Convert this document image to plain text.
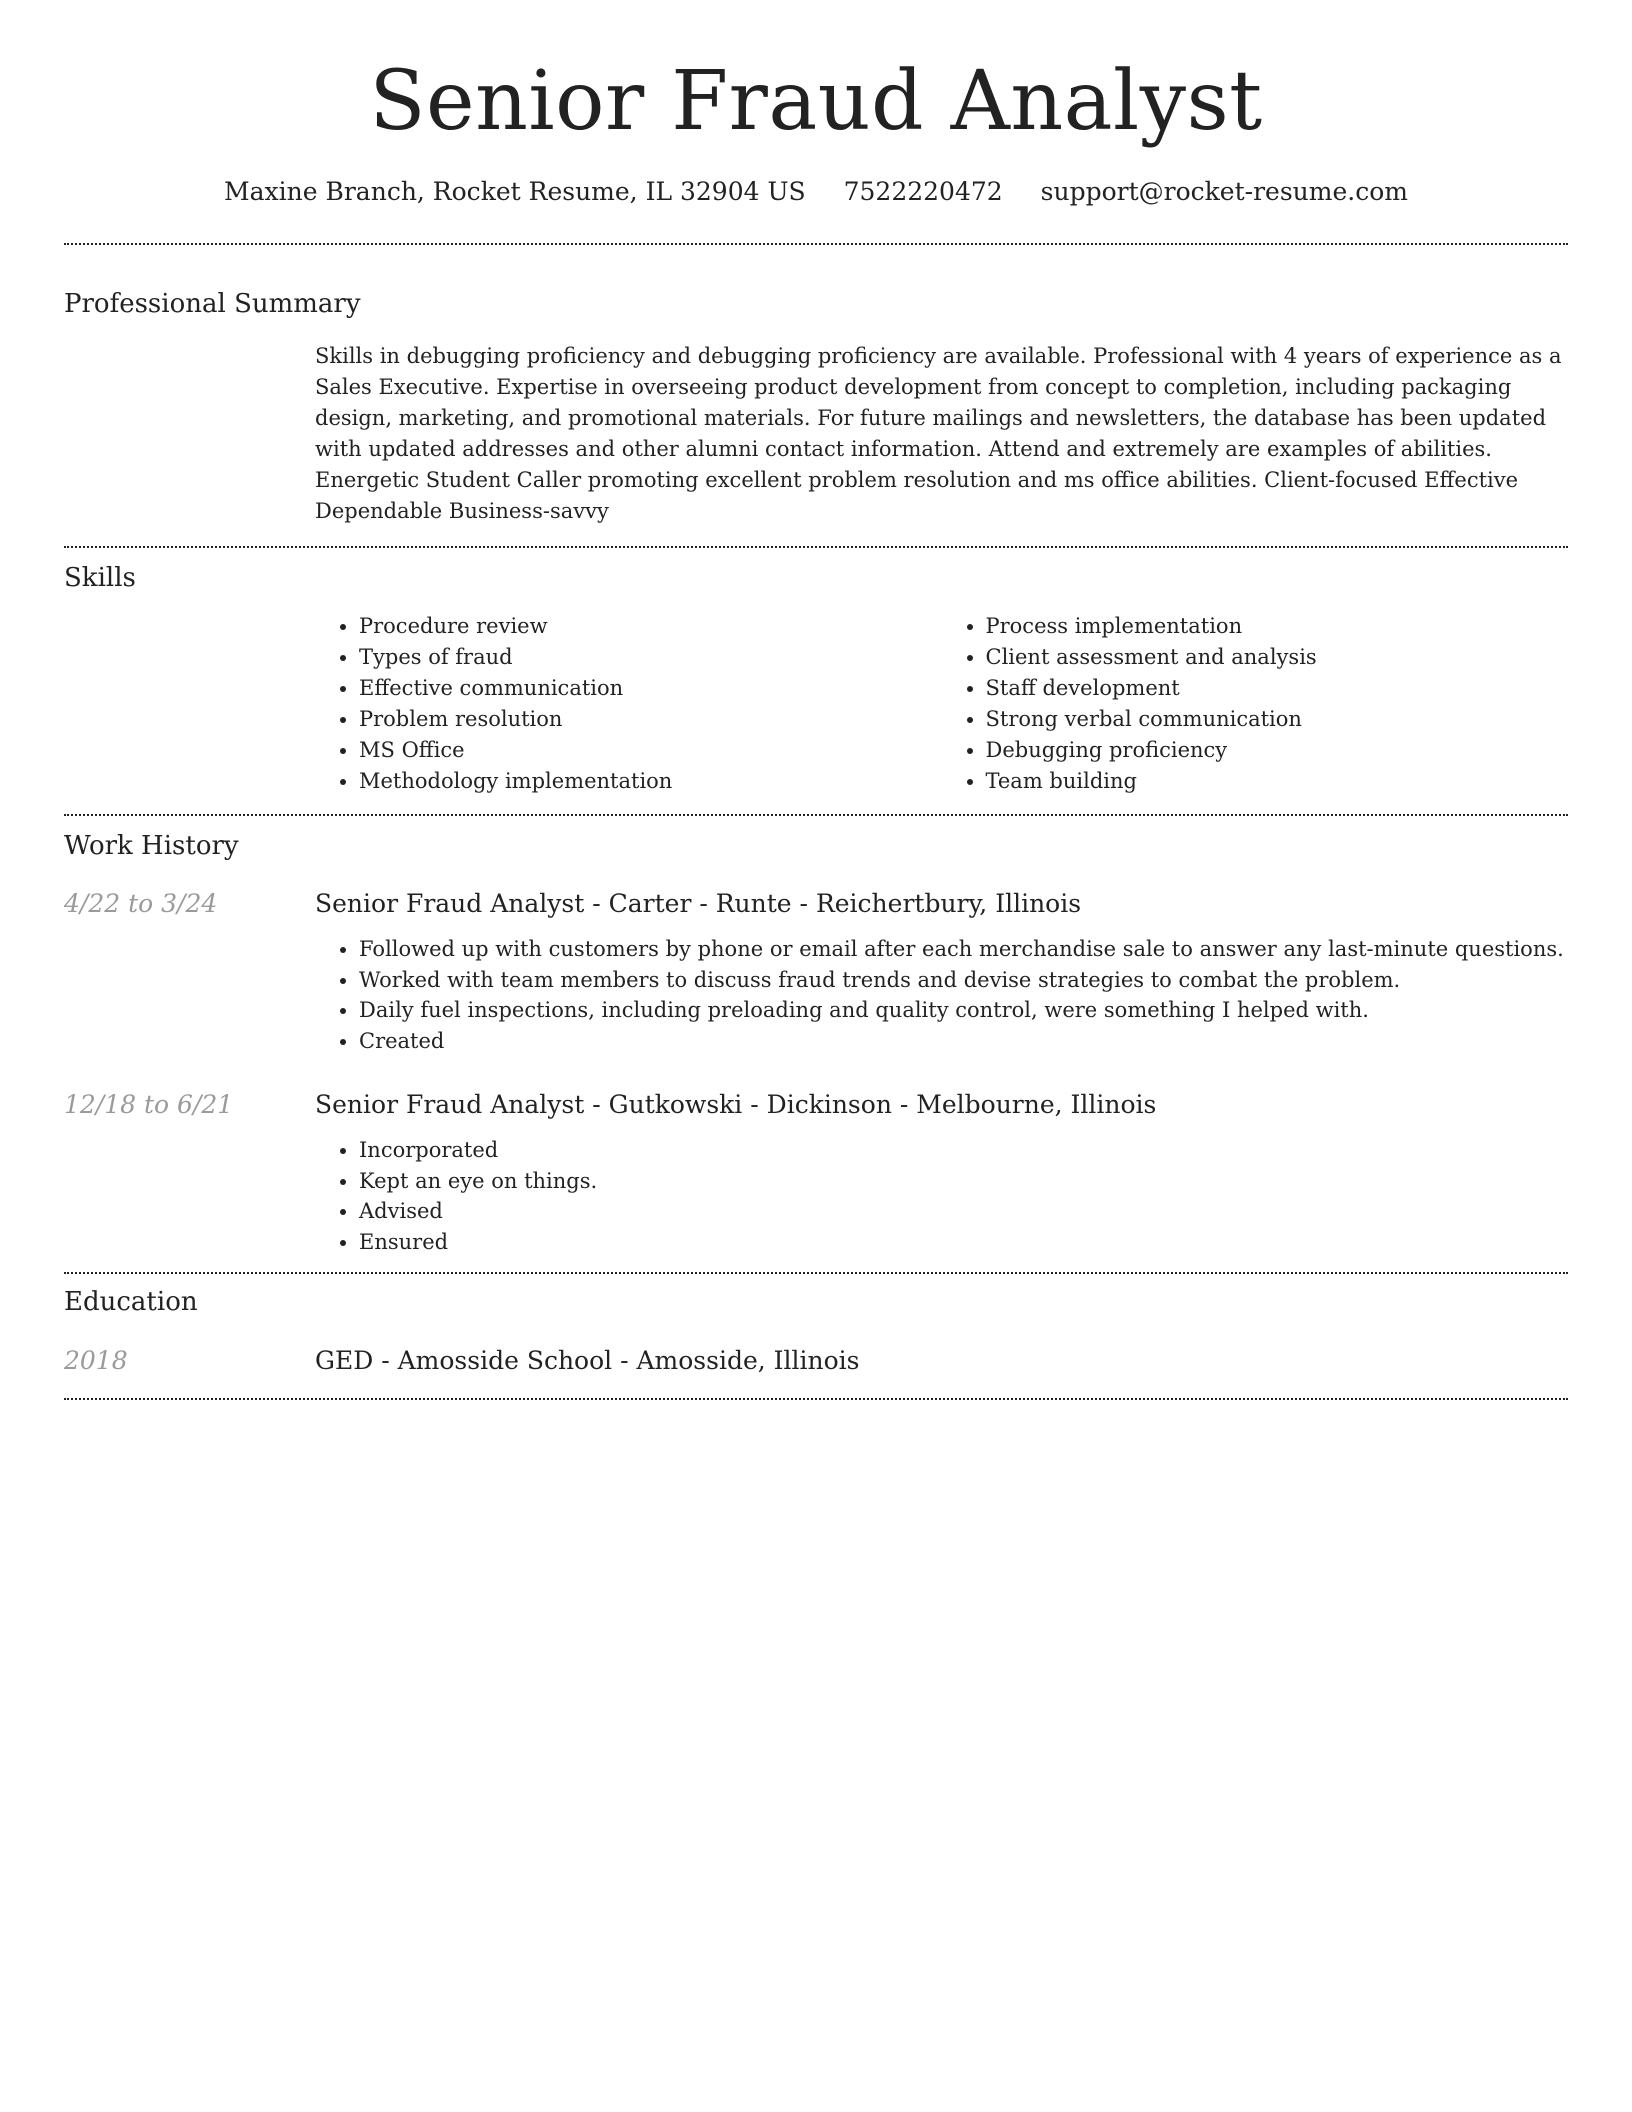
Senior Fraud Analyst
Maxine Branch, Rocket Resume, IL 32904 US 7522220472 support@rocket-resume.com
Professional Summary

Skills in debugging proficiency and debugging proficiency are available. Professional with 4 years of experience as a Sales Executive. Expertise in overseeing product development from concept to completion, including packaging design, marketing, and promotional materials. For future mailings and newsletters, the database has been updated with updated addresses and other alumni contact information. Attend and extremely are examples of abilities. Energetic Student Caller promoting excellent problem resolution and ms office abilities. Client-focused Effective Dependable Business-savvy

Skills
• Procedure review
• Types of fraud
• Effective communication
• Problem resolution
• MS Office
• Methodology implementation
• Process implementation
• Client assessment and analysis
• Staff development
• Strong verbal communication
• Debugging proficiency
• Team building
Work History
4/22 to 3/24	Senior Fraud Analyst - Carter - Runte - Reichertbury, Illinois
• Followed up with customers by phone or email after each merchandise sale to answer any last-minute questions.
• Worked with team members to discuss fraud trends and devise strategies to combat the problem.
• Daily fuel inspections, including preloading and quality control, were something I helped with.
• Created
12/18 to 6/21	Senior Fraud Analyst - Gutkowski - Dickinson - Melbourne, Illinois
• Incorporated
• Kept an eye on things.
• Advised
• Ensured
Education
2018	GED - Amosside School - Amosside, Illinois
